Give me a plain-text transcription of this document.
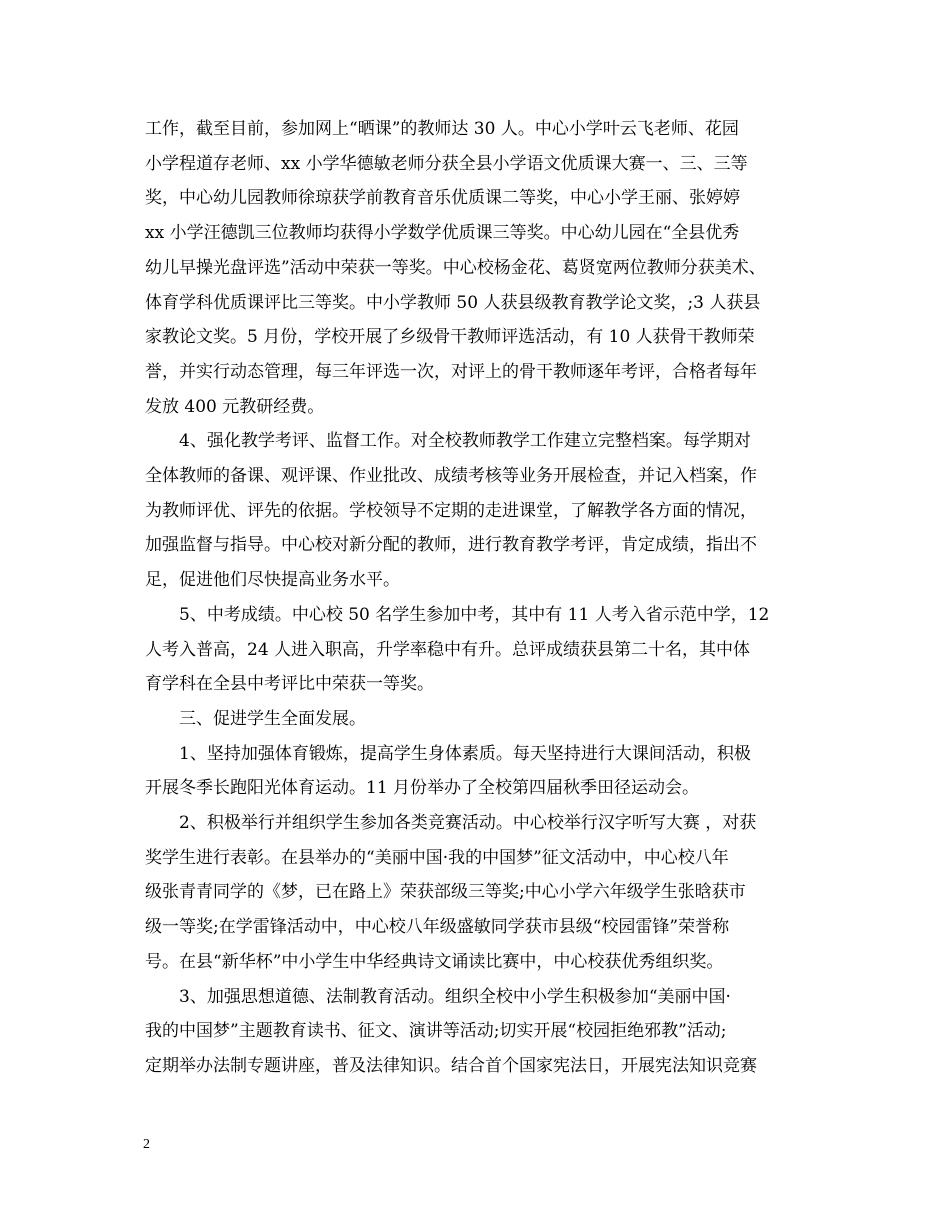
工作，截至目前，参加网上“晒课”的教师达 30 人。中心小学叶云飞老师、花园
小学程道存老师、xx 小学华德敏老师分获全县小学语文优质课大赛一、三、三等
奖，中心幼儿园教师徐琼获学前教育音乐优质课二等奖，中心小学王丽、张婷婷
xx 小学汪德凯三位教师均获得小学数学优质课三等奖。中心幼儿园在“全县优秀
幼儿早操光盘评选”活动中荣获一等奖。中心校杨金花、葛贤宽两位教师分获美术、
体育学科优质课评比三等奖。中小学教师 50 人获县级教育教学论文奖，;3 人获县
家教论文奖。5 月份，学校开展了乡级骨干教师评选活动，有 10 人获骨干教师荣
誉，并实行动态管理，每三年评选一次，对评上的骨干教师逐年考评，合格者每年
发放 400 元教研经费。

4、强化教学考评、监督工作。对全校教师教学工作建立完整档案。每学期对
全体教师的备课、观评课、作业批改、成绩考核等业务开展检查，并记入档案，作
为教师评优、评先的依据。学校领导不定期的走进课堂，了解教学各方面的情况，
加强监督与指导。中心校对新分配的教师，进行教育教学考评，肯定成绩，指出不
足，促进他们尽快提高业务水平。

5、中考成绩。中心校 50 名学生参加中考，其中有 11 人考入省示范中学，12
人考入普高，24 人进入职高，升学率稳中有升。总评成绩获县第二十名，其中体
育学科在全县中考评比中荣获一等奖。

三、促进学生全面发展。

1、坚持加强体育锻炼，提高学生身体素质。每天坚持进行大课间活动，积极
开展冬季长跑阳光体育运动。11 月份举办了全校第四届秋季田径运动会。

2、积极举行并组织学生参加各类竞赛活动。中心校举行汉字听写大赛 ，对获
奖学生进行表彰。在县举办的“美丽中国·我的中国梦”征文活动中，中心校八年
级张青青同学的《梦，已在路上》荣获部级三等奖;中心小学六年级学生张晗获市
级一等奖;在学雷锋活动中，中心校八年级盛敏同学获市县级“校园雷锋”荣誉称
号。在县“新华杯”中小学生中华经典诗文诵读比赛中，中心校获优秀组织奖。

3、加强思想道德、法制教育活动。组织全校中小学生积极参加“美丽中国·
我的中国梦”主题教育读书、征文、演讲等活动;切实开展“校园拒绝邪教”活动;
定期举办法制专题讲座，普及法律知识。结合首个国家宪法日，开展宪法知识竞赛

2
